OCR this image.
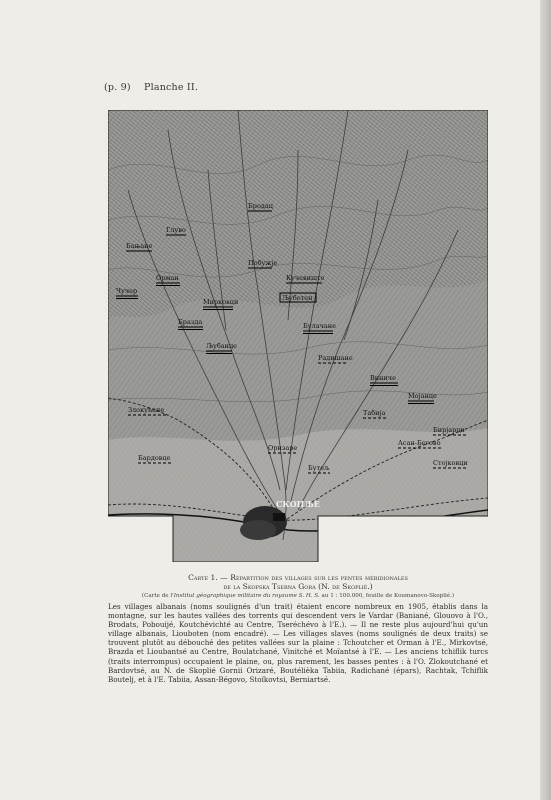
(p. 9) Planche II.
СКОПЉЕ
Љуботен
Мирковци
Бразда
Љубанце
Булачане
Чучер
Орман
Виниче
Мојанце
Бањане
Глуво
Бродац
Побужје
Кучевиште
Табија
Асан-Бегово
Стојковци
Бардовце
Бирјарци
Злокућане
Радишане
Оризаре
Бутељ
Carte 1. — Répartition des villages sur les pentes méridionales
de la Skopska Tserna Gora (N. de Skoplié.)
(Carte de l'Institut géographique militaire du royaume S. H. S. au 1 : 100.000, feuille de Koumanovo-Skoplié.)
Les villages albanais (noms soulignés d'un trait) étaient encore nombreux en 1905, établis dans la montagne, sur les hautes vallées des torrents qui descendent vers le Vardar (Baniané, Glouovo à l'O., Brodats, Pobouijé, Koutchévichté au Centre, Tseréchévo à l'E.). — Il ne reste plus aujourd'hui qu'un village albanais, Liouboten (nom encadré). — Les villages slaves (noms soulignés de deux traits) se trouvent plutôt au débouché des petites vallées sur la plaine : Tchoutcher et Orman à l'E., Mirkovtsé, Brazda et Lioubantsé au Centre, Boulatchané, Vinitché et Moïantsé à l'E. — Les anciens tchiflik turcs (traits interrompus) occupaient le plaine, ou, plus rarement, les basses pentes : à l'O. Zlokoutchané et Bardovtsé, au N. de Skoplié Gornii Orizaré, Boutélièka Tabiia, Radichané (épars), Rachtak, Tchiflik Boutelj, et à l'E. Tabiia, Assan-Bégovo, Stoïkovtsi, Berniartsé.
